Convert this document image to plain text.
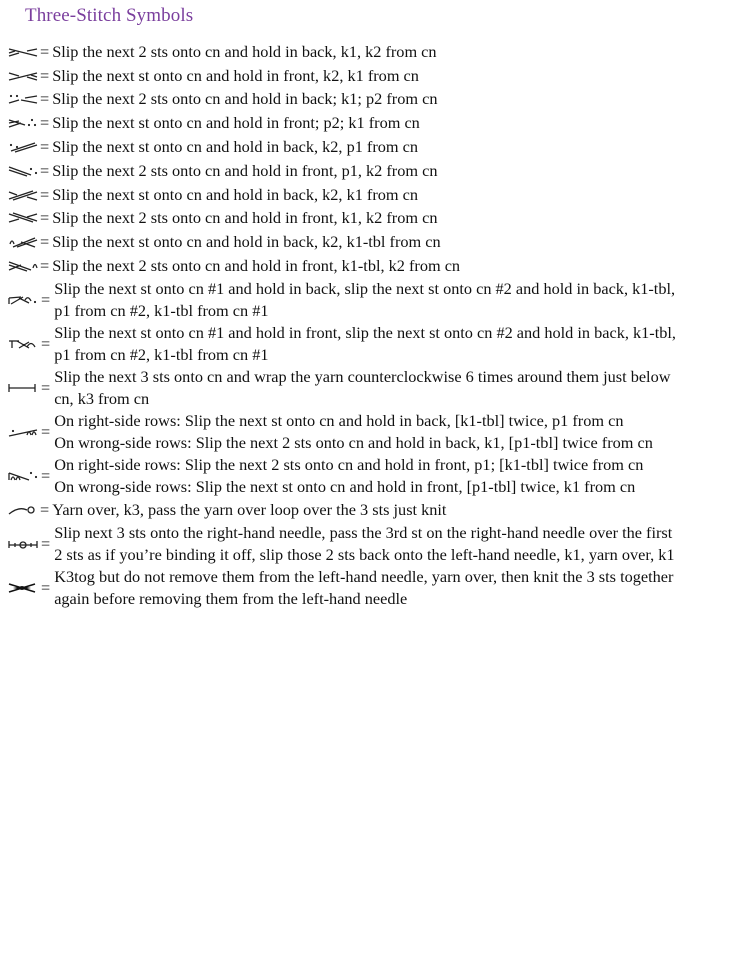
Three-Stitch Symbols
= Slip the next 2 sts onto cn and hold in back, k1, k2 from cn
= Slip the next st onto cn and hold in front, k2, k1 from cn
= Slip the next 2 sts onto cn and hold in back; k1; p2 from cn
= Slip the next st onto cn and hold in front; p2; k1 from cn
= Slip the next st onto cn and hold in back, k2, p1 from cn
= Slip the next 2 sts onto cn and hold in front, p1, k2 from cn
= Slip the next st onto cn and hold in back, k2, k1 from cn
= Slip the next 2 sts onto cn and hold in front, k1, k2 from cn
= Slip the next st onto cn and hold in back, k2, k1-tbl from cn
= Slip the next 2 sts onto cn and hold in front, k1-tbl, k2 from cn
=
Slip the next st onto cn #1 and hold in back, slip the next st onto cn #2 and hold in back, k1-tbl,
p1 from cn #2, k1-tbl from cn #1
=
Slip the next st onto cn #1 and hold in front, slip the next st onto cn #2 and hold in back, k1-tbl,
p1 from cn #2, k1-tbl from cn #1
=
Slip the next 3 sts onto cn and wrap the yarn counterclockwise 6 times around them just below
cn, k3 from cn
=
On right-side rows: Slip the next st onto cn and hold in back, [k1-tbl] twice, p1 from cn
On wrong-side rows: Slip the next 2 sts onto cn and hold in back, k1, [p1-tbl] twice from cn
=
On right-side rows: Slip the next 2 sts onto cn and hold in front, p1; [k1-tbl] twice from cn
On wrong-side rows: Slip the next st onto cn and hold in front, [p1-tbl] twice, k1 from cn
= Yarn over, k3, pass the yarn over loop over the 3 sts just knit
=
Slip next 3 sts onto the right-hand needle, pass the 3rd st on the right-hand needle over the first
2 sts as if you’re binding it off, slip those 2 sts back onto the left-hand needle, k1, yarn over, k1
=
K3tog but do not remove them from the left-hand needle, yarn over, then knit the 3 sts together
again before removing them from the left-hand needle
